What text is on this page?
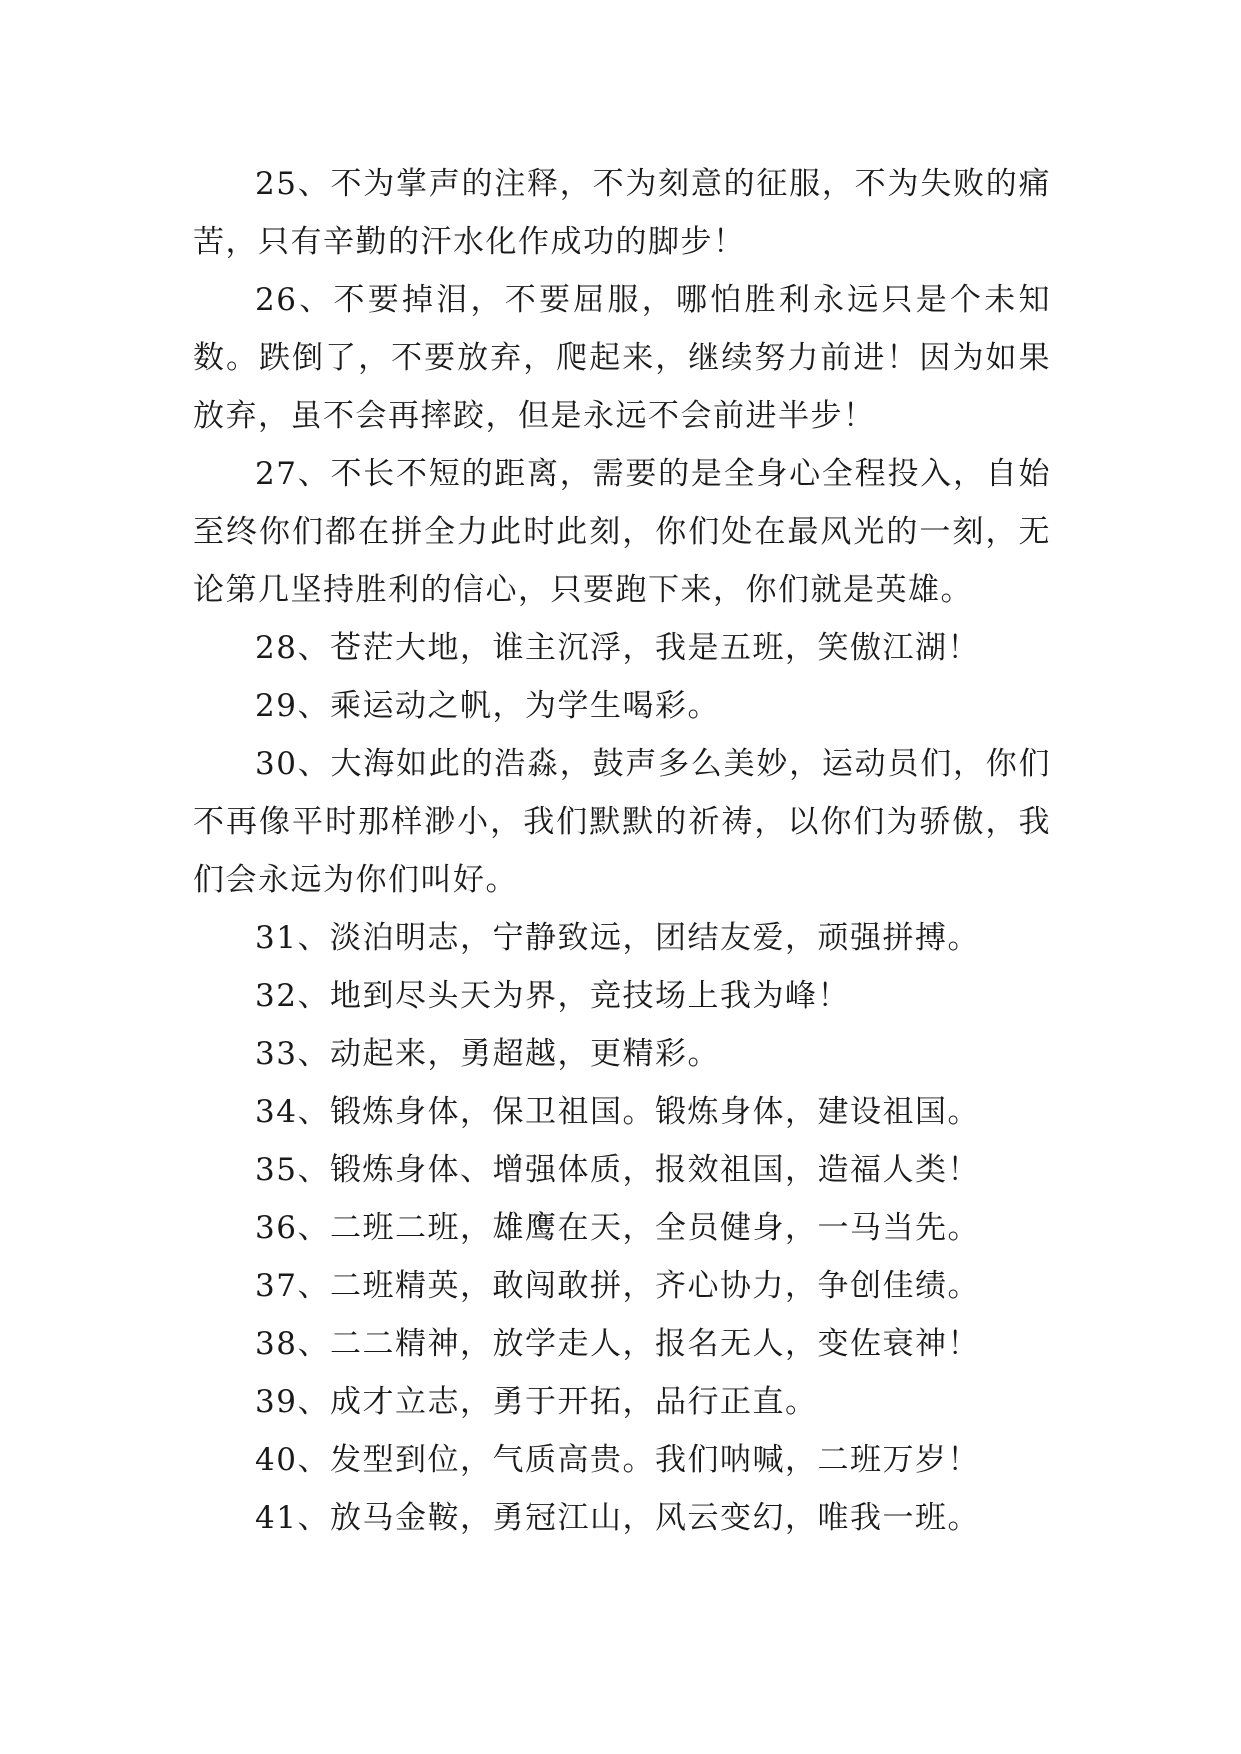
25、不为掌声的注释，不为刻意的征服，不为失败的痛苦，只有辛勤的汗水化作成功的脚步！

26、不要掉泪，不要屈服，哪怕胜利永远只是个未知数。跌倒了，不要放弃，爬起来，继续努力前进！因为如果放弃，虽不会再摔跤，但是永远不会前进半步！

27、不长不短的距离，需要的是全身心全程投入，自始至终你们都在拼全力此时此刻，你们处在最风光的一刻，无论第几坚持胜利的信心，只要跑下来，你们就是英雄。

28、苍茫大地，谁主沉浮，我是五班，笑傲江湖！

29、乘运动之帆，为学生喝彩。

30、大海如此的浩淼，鼓声多么美妙，运动员们，你们不再像平时那样渺小，我们默默的祈祷，以你们为骄傲，我们会永远为你们叫好。

31、淡泊明志，宁静致远，团结友爱，顽强拼搏。

32、地到尽头天为界，竞技场上我为峰！

33、动起来，勇超越，更精彩。

34、锻炼身体，保卫祖国。锻炼身体，建设祖国。

35、锻炼身体、增强体质，报效祖国，造福人类！

36、二班二班，雄鹰在天，全员健身，一马当先。

37、二班精英，敢闯敢拼，齐心协力，争创佳绩。

38、二二精神，放学走人，报名无人，变佐衰神！

39、成才立志，勇于开拓，品行正直。

40、发型到位，气质高贵。我们呐喊，二班万岁！

41、放马金鞍，勇冠江山，风云变幻，唯我一班。
